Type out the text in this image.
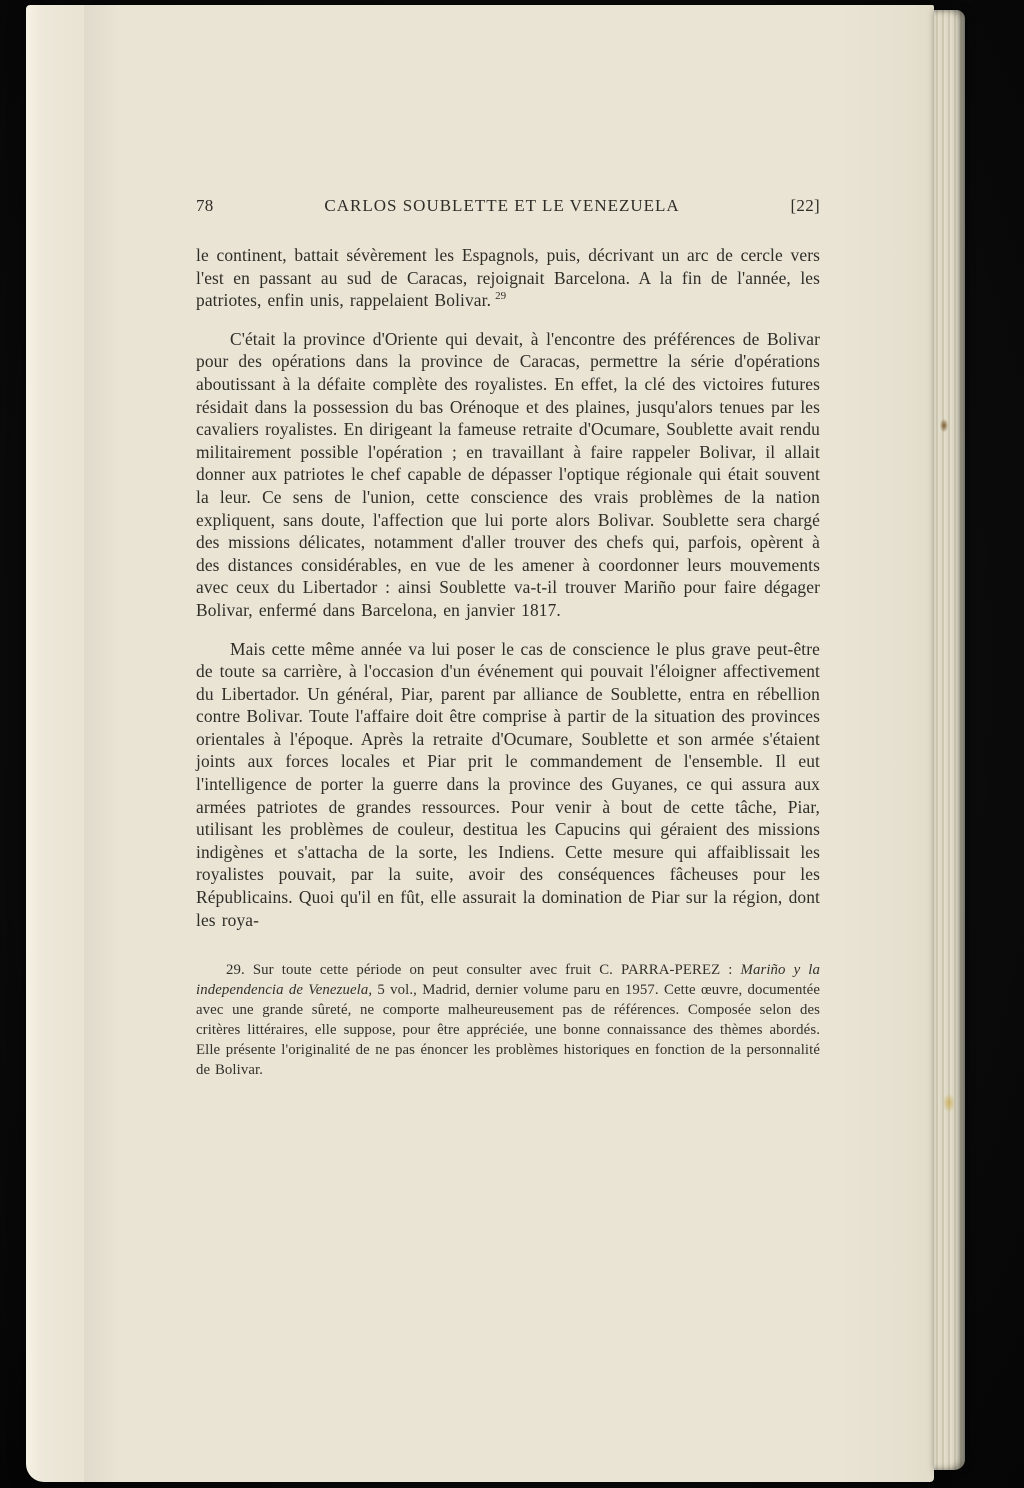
78	CARLOS SOUBLETTE ET LE VENEZUELA	[22]

le continent, battait sévèrement les Espagnols, puis, décrivant un arc de cercle vers l'est en passant au sud de Caracas, rejoignait Barcelona. A la fin de l'année, les patriotes, enfin unis, rappelaient Bolivar. $^{29}$

C'était la province d'Oriente qui devait, à l'encontre des préférences de Bolivar pour des opérations dans la province de Caracas, permettre la série d'opérations aboutissant à la défaite complète des royalistes. En effet, la clé des victoires futures résidait dans la possession du bas Orénoque et des plaines, jusqu'alors tenues par les cavaliers royalistes. En dirigeant la fameuse retraite d'Ocumare, Soublette avait rendu militairement possible l'opération ; en travaillant à faire rappeler Bolivar, il allait donner aux patriotes le chef capable de dépasser l'optique régionale qui était souvent la leur. Ce sens de l'union, cette conscience des vrais problèmes de la nation expliquent, sans doute, l'affection que lui porte alors Bolivar. Soublette sera chargé des missions délicates, notamment d'aller trouver des chefs qui, parfois, opèrent à des distances considérables, en vue de les amener à coordonner leurs mouvements avec ceux du Libertador : ainsi Soublette va-t-il trouver Mariño pour faire dégager Bolivar, enfermé dans Barcelona, en janvier 1817.

Mais cette même année va lui poser le cas de conscience le plus grave peut-être de toute sa carrière, à l'occasion d'un événement qui pouvait l'éloigner affectivement du Libertador. Un général, Piar, parent par alliance de Soublette, entra en rébellion contre Bolivar. Toute l'affaire doit être comprise à partir de la situation des provinces orientales à l'époque. Après la retraite d'Ocumare, Soublette et son armée s'étaient joints aux forces locales et Piar prit le commandement de l'ensemble. Il eut l'intelligence de porter la guerre dans la province des Guyanes, ce qui assura aux armées patriotes de grandes ressources. Pour venir à bout de cette tâche, Piar, utilisant les problèmes de couleur, destitua les Capucins qui géraient des missions indigènes et s'attacha de la sorte, les Indiens. Cette mesure qui affaiblissait les royalistes pouvait, par la suite, avoir des conséquences fâcheuses pour les Républicains. Quoi qu'il en fût, elle assurait la domination de Piar sur la région, dont les roya-

29. Sur toute cette période on peut consulter avec fruit C. PARRA-PEREZ : Mariño y la independencia de Venezuela, 5 vol., Madrid, dernier volume paru en 1957. Cette œuvre, documentée avec une grande sûreté, ne comporte malheureusement pas de références. Composée selon des critères littéraires, elle suppose, pour être appréciée, une bonne connaissance des thèmes abordés. Elle présente l'originalité de ne pas énoncer les problèmes historiques en fonction de la personnalité de Bolivar.
